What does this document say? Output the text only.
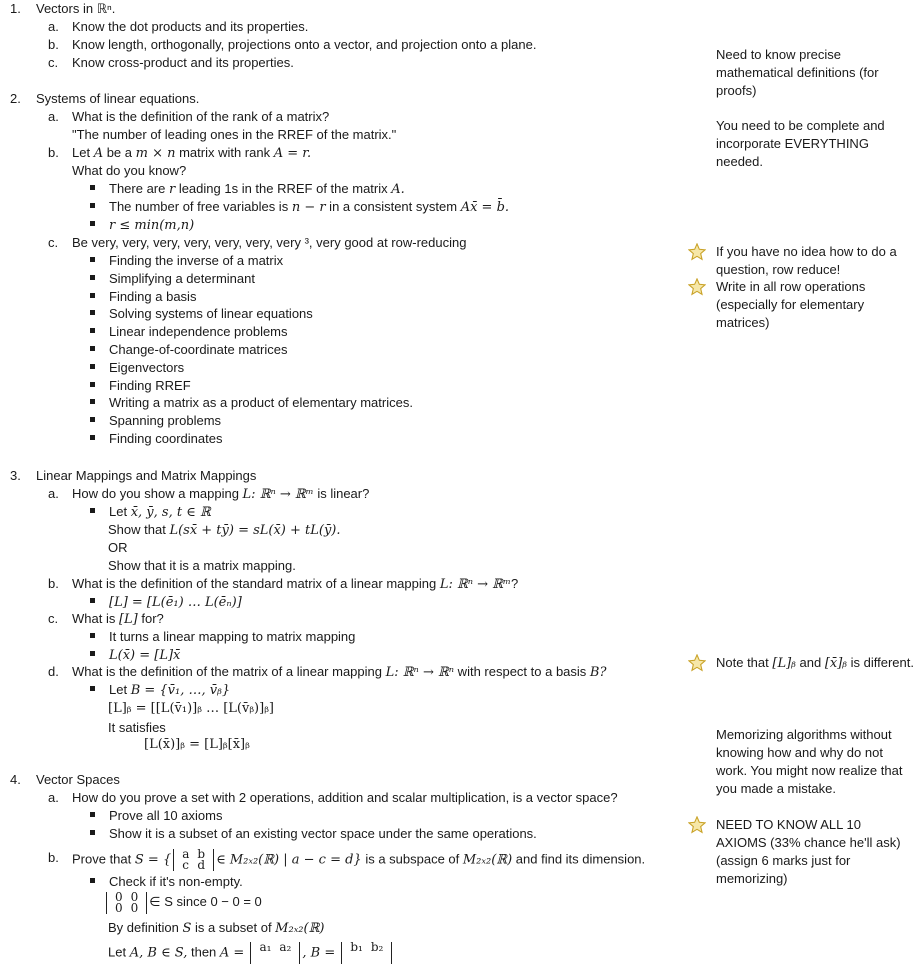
1. Vectors in ℝⁿ.
a. Know the dot products and its properties.
b. Know length, orthogonally, projections onto a vector, and projection onto a plane.
c. Know cross-product and its properties.
2. Systems of linear equations.
a. What is the definition of the rank of a matrix?
"The number of leading ones in the RREF of the matrix."
b. Let A be a m × n matrix with rank A = r.
What do you know?
There are r leading 1s in the RREF of the matrix A.
The number of free variables is n − r in a consistent system Ax̄ = b̄.
r ≤ min(m,n)
c. Be very, very, very, very, very, very, very ³, very good at row-reducing
Finding the inverse of a matrix
Simplifying a determinant
Finding a basis
Solving systems of linear equations
Linear independence problems
Change-of-coordinate matrices
Eigenvectors
Finding RREF
Writing a matrix as a product of elementary matrices.
Spanning problems
Finding coordinates
3. Linear Mappings and Matrix Mappings
a. How do you show a mapping L: ℝⁿ → ℝᵐ is linear?
Let x̄, ȳ, s, t ∈ ℝ
Show that L(sx̄ + tȳ) = sL(x̄) + tL(ȳ).
OR
Show that it is a matrix mapping.
b. What is the definition of the standard matrix of a linear mapping L: ℝⁿ → ℝᵐ?
[L] = [L(ē₁) … L(ēₙ)]
c. What is [L] for?
It turns a linear mapping to matrix mapping
L(x̄) = [L]x̄
d. What is the definition of the matrix of a linear mapping L: ℝⁿ → ℝⁿ with respect to a basis B?
Let B = {v̄₁, …, v̄ᵦ}
[L]ᵦ = [[L(v̄₁)]ᵦ … [L(v̄ᵦ)]ᵦ]
It satisfies
[L(x̄)]ᵦ = [L]ᵦ[x̄]ᵦ
4. Vector Spaces
a. How do you prove a set with 2 operations, addition and scalar multiplication, is a vector space?
Prove all 10 axioms
Show it is a subset of an existing vector space under the same operations.
b. Prove that S = { a	b
c	d ∈ M₂ₓ₂(ℝ) | a − c = d} is a subspace of M₂ₓ₂(ℝ) and find its dimension.
Check if it's non-empty.
0	0
0	0 ∈ S since 0 − 0 = 0
By definition S is a subset of M₂ₓ₂(ℝ)
Let A, B ∈ S, then A = a₁	a₂
	, B = b₁	b₂

Need to know precise mathematical definitions (for proofs)
You need to be complete and incorporate EVERYTHING needed.
If you have no idea how to do a question, row reduce!
Write in all row operations (especially for elementary matrices)
Note that [L]ᵦ and [x̄]ᵦ is different.
Memorizing algorithms without knowing how and why do not work. You might now realize that you made a mistake.
NEED TO KNOW ALL 10 AXIOMS (33% chance he'll ask) (assign 6 marks just for memorizing)
